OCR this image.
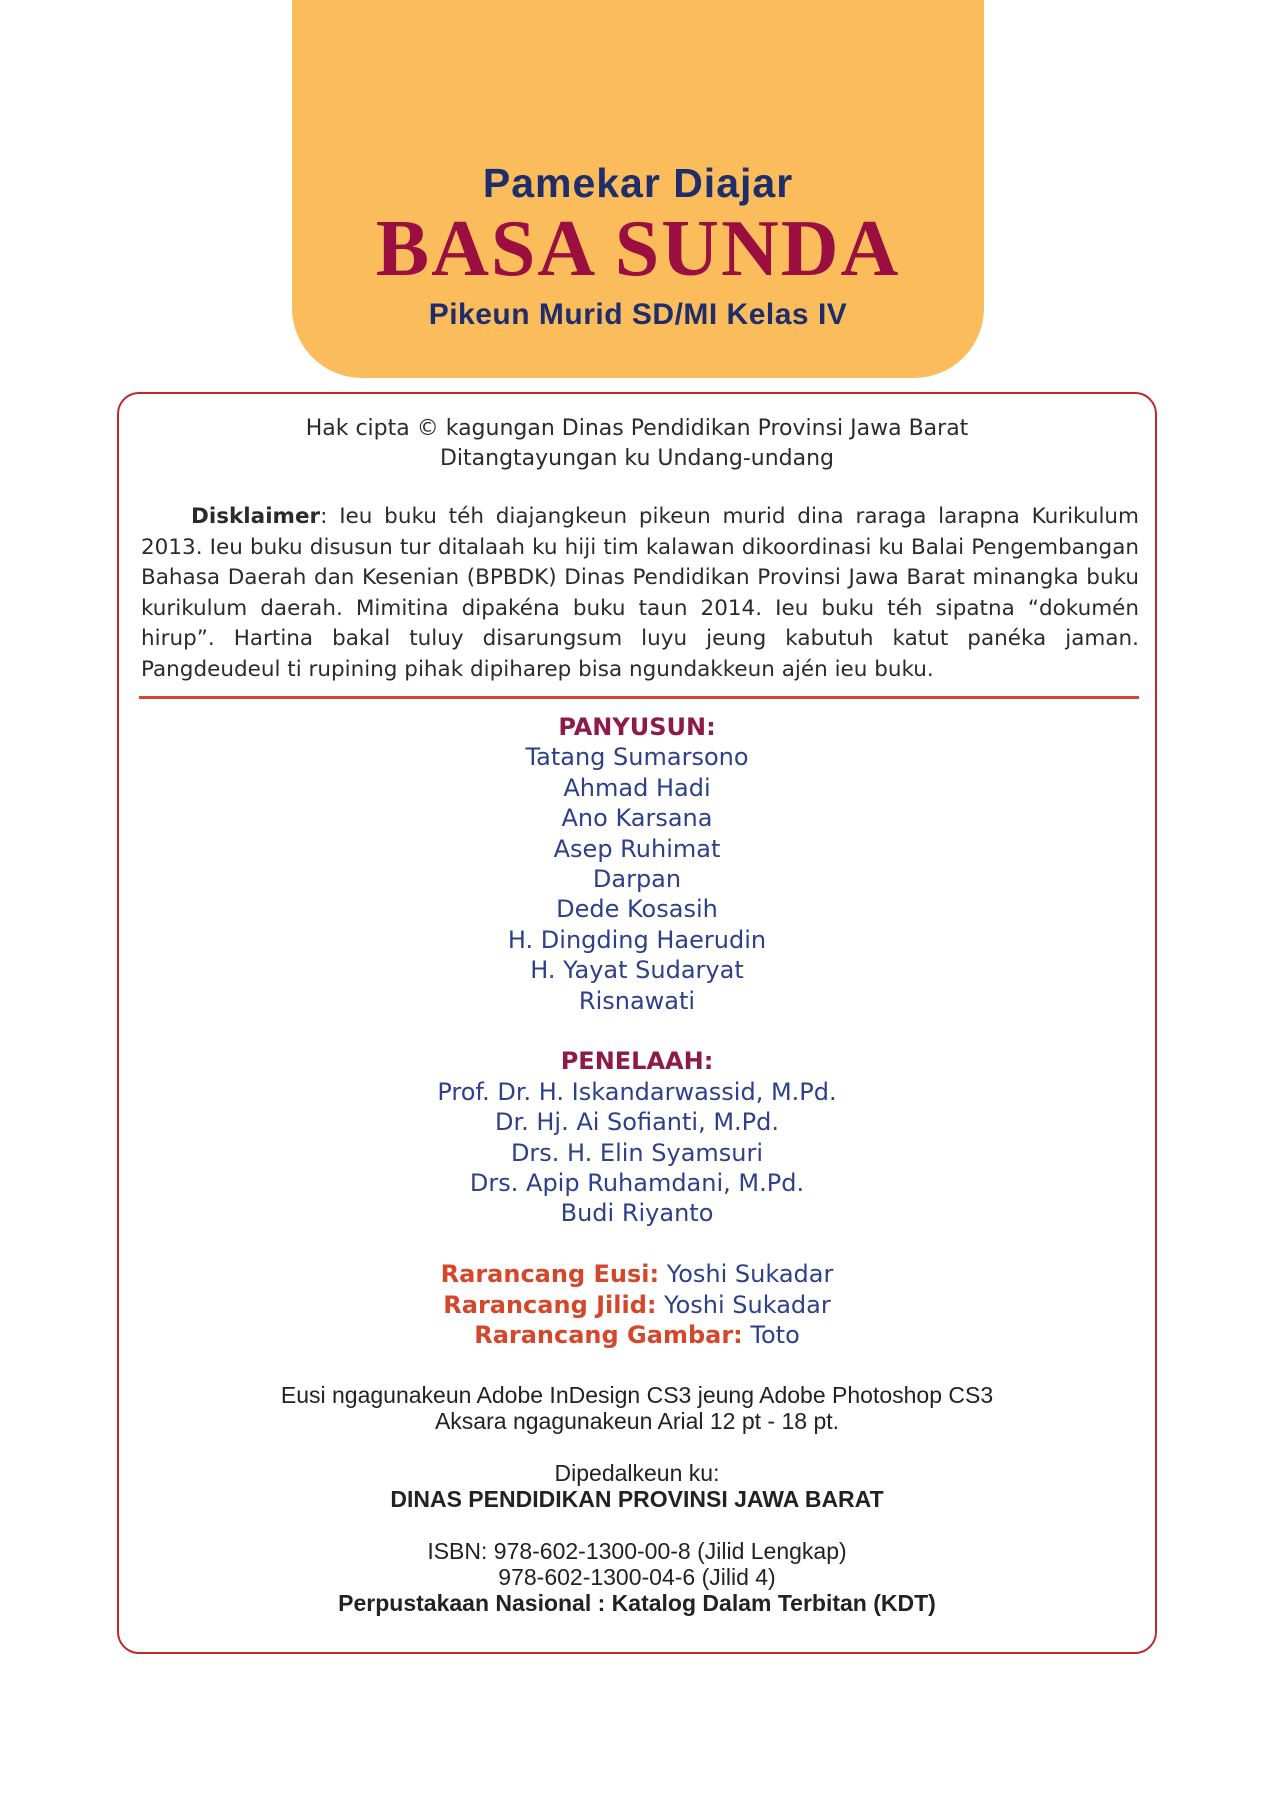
Pamekar Diajar
BASA SUNDA
Pikeun Murid SD/MI Kelas IV
Hak cipta © kagungan Dinas Pendidikan Provinsi Jawa Barat
Ditangtayungan ku Undang-undang
Disklaimer: Ieu buku téh diajangkeun pikeun murid dina raraga larapna Kurikulum 2013. Ieu buku disusun tur ditalaah ku hiji tim kalawan dikoordinasi ku Balai Pengembangan Bahasa Daerah dan Kesenian (BPBDK) Dinas Pendidikan Provinsi Jawa Barat minangka buku kurikulum daerah. Mimitina dipakéna buku taun 2014. Ieu buku téh sipatna “dokumén hirup”. Hartina bakal tuluy disarungsum luyu jeung kabutuh katut panéka jaman. Pangdeudeul ti rupining pihak dipiharep bisa ngundakkeun ajén ieu buku.
PANYUSUN:
Tatang Sumarsono
Ahmad Hadi
Ano Karsana
Asep Ruhimat
Darpan
Dede Kosasih
H. Dingding Haerudin
H. Yayat Sudaryat
Risnawati
PENELAAH:
Prof. Dr. H. Iskandarwassid, M.Pd.
Dr. Hj. Ai Sofianti, M.Pd.
Drs. H. Elin Syamsuri
Drs. Apip Ruhamdani, M.Pd.
Budi Riyanto
Rarancang Eusi: Yoshi Sukadar
Rarancang Jilid: Yoshi Sukadar
Rarancang Gambar: Toto
Eusi ngagunakeun Adobe InDesign CS3 jeung Adobe Photoshop CS3
Aksara ngagunakeun Arial 12 pt - 18 pt.
Dipedalkeun ku:
DINAS PENDIDIKAN PROVINSI JAWA BARAT
ISBN: 978-602-1300-00-8 (Jilid Lengkap)
978-602-1300-04-6 (Jilid 4)
Perpustakaan Nasional : Katalog Dalam Terbitan (KDT)
